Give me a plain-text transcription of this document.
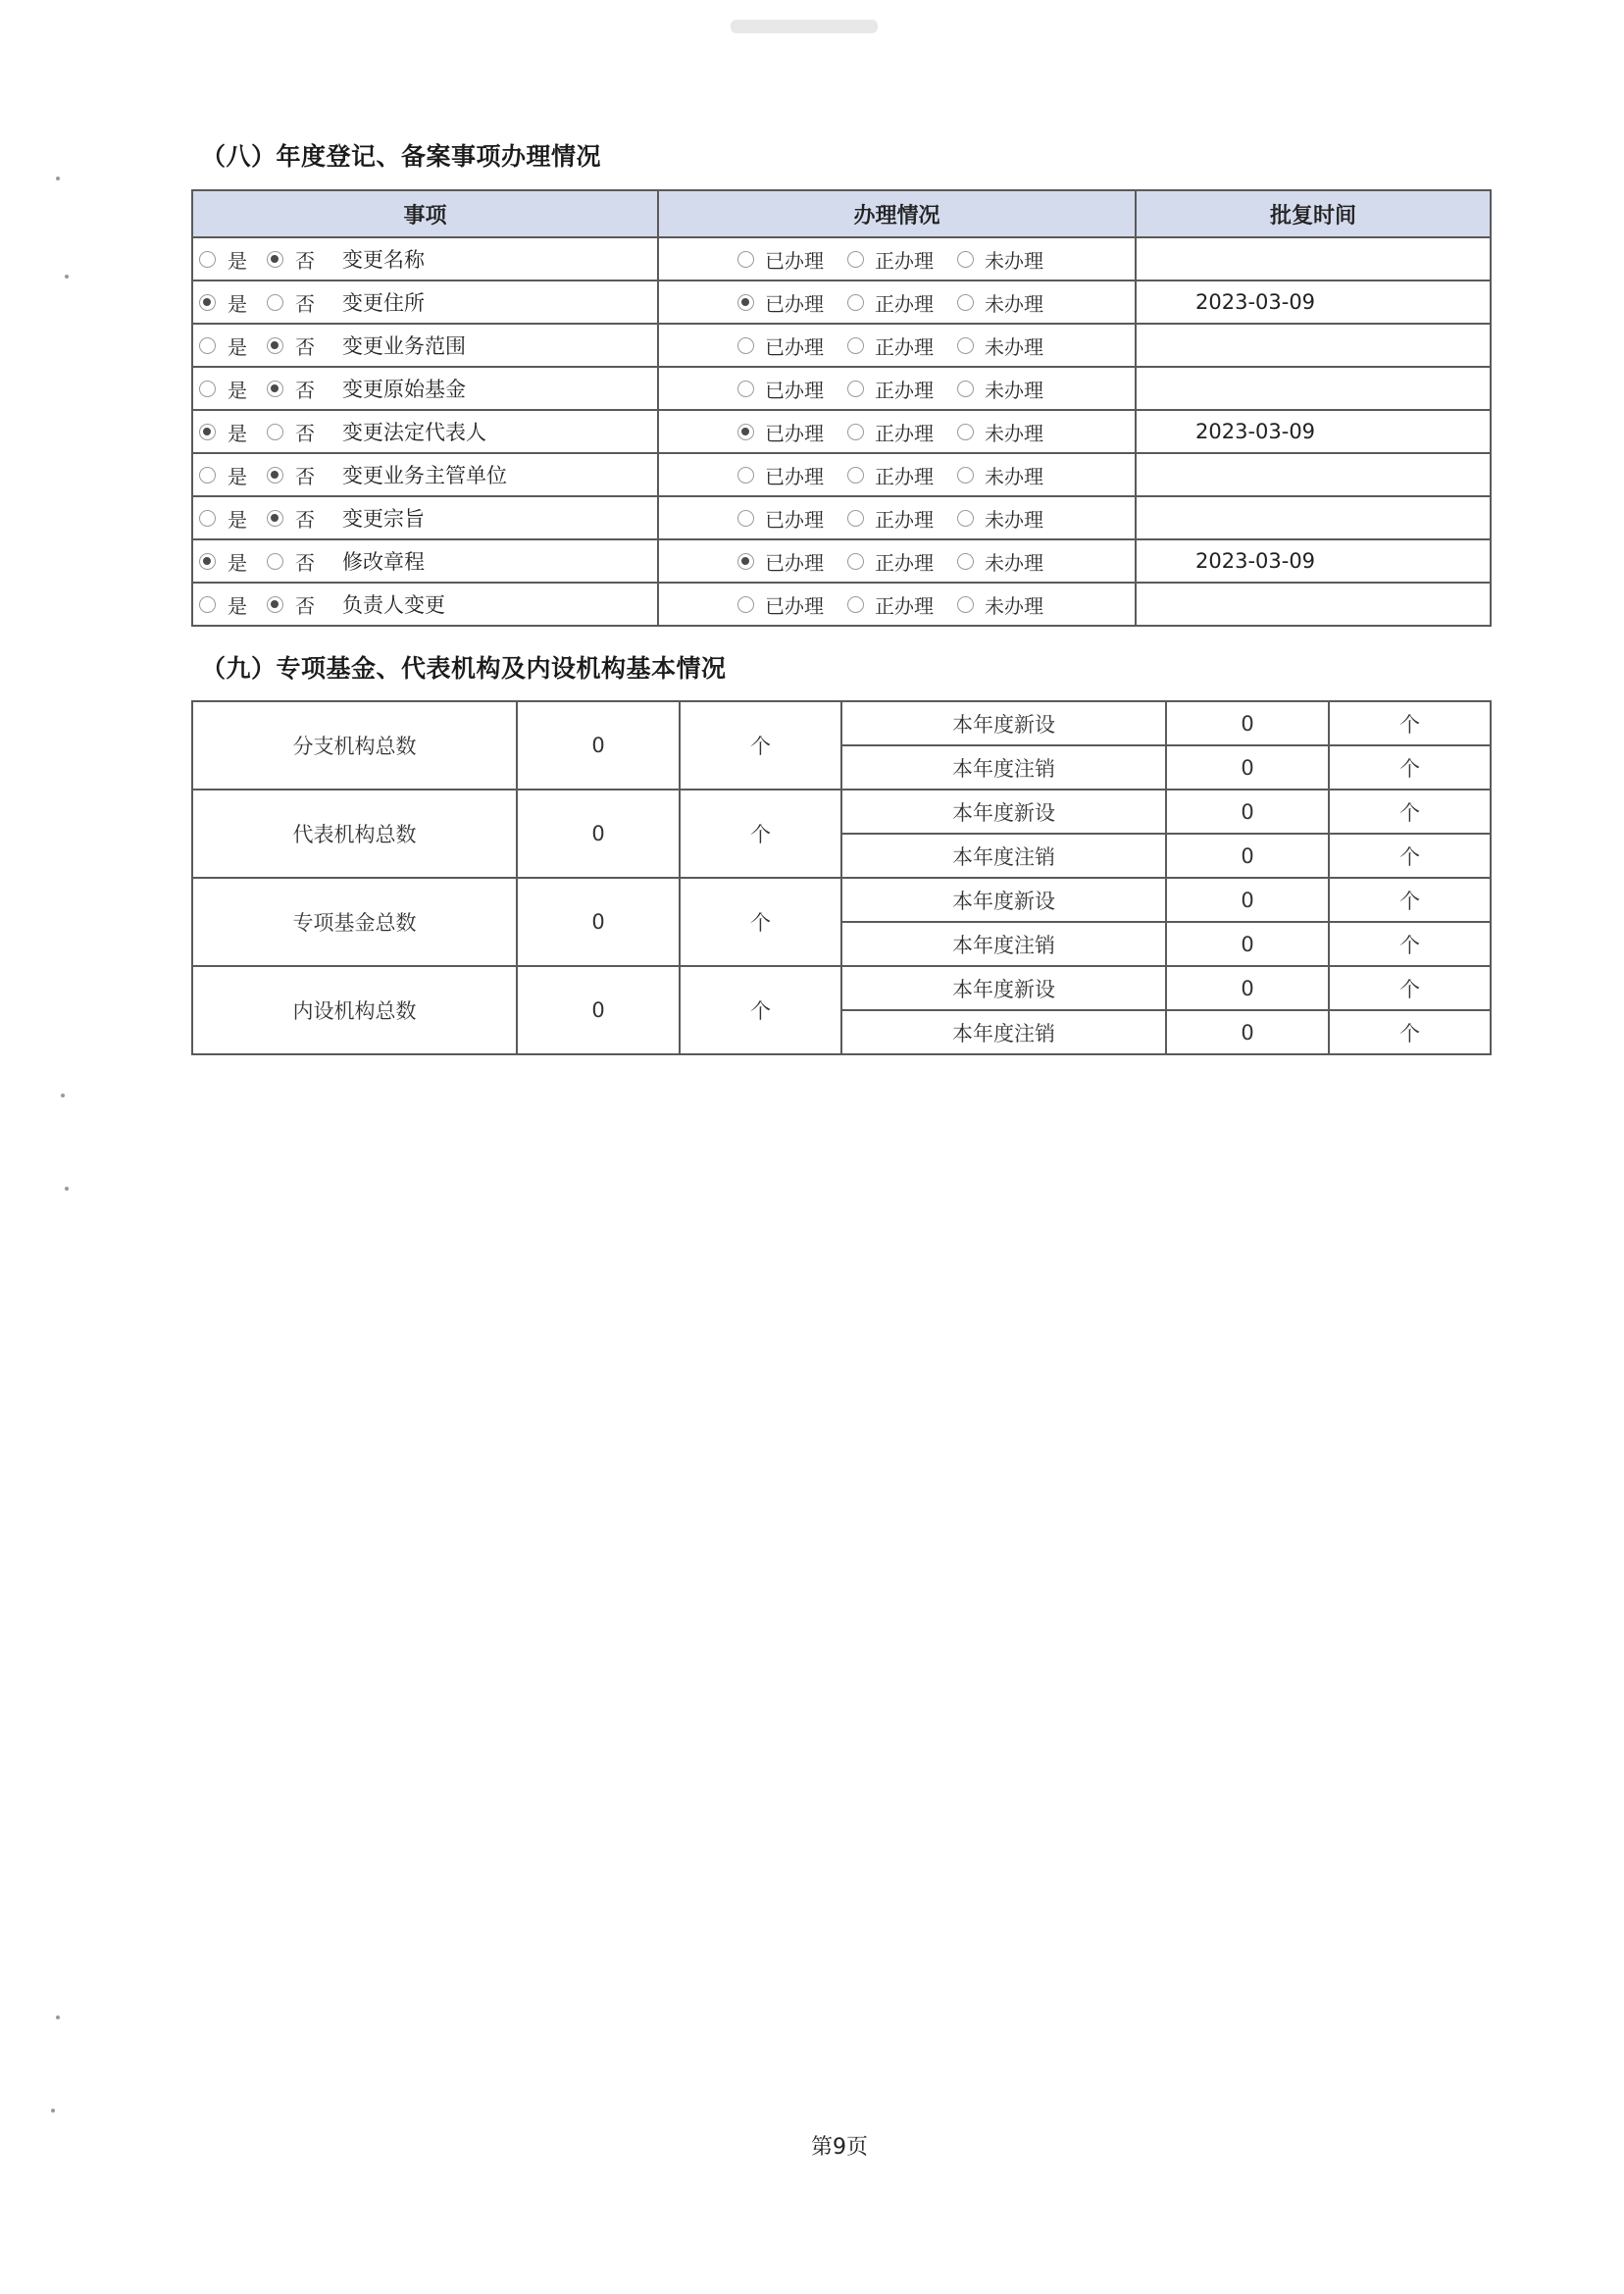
（八）年度登记、备案事项办理情况
事项	办理情况	批复时间

是 否 变更名称	已办理 正办理 未办理	

是 否 变更住所	已办理 正办理 未办理	2023-03-09

是 否 变更业务范围	已办理 正办理 未办理	

是 否 变更原始基金	已办理 正办理 未办理	

是 否 变更法定代表人	已办理 正办理 未办理	2023-03-09

是 否 变更业务主管单位	已办理 正办理 未办理	

是 否 变更宗旨	已办理 正办理 未办理	

是 否 修改章程	已办理 正办理 未办理	2023-03-09

是 否 负责人变更	已办理 正办理 未办理	

（九）专项基金、代表机构及内设机构基本情况
分支机构总数	0	个	本年度新设	0	个
			本年度注销	0	个
代表机构总数	0	个	本年度新设	0	个
			本年度注销	0	个
专项基金总数	0	个	本年度新设	0	个
			本年度注销	0	个
内设机构总数	0	个	本年度新设	0	个
			本年度注销	0	个
第9页
